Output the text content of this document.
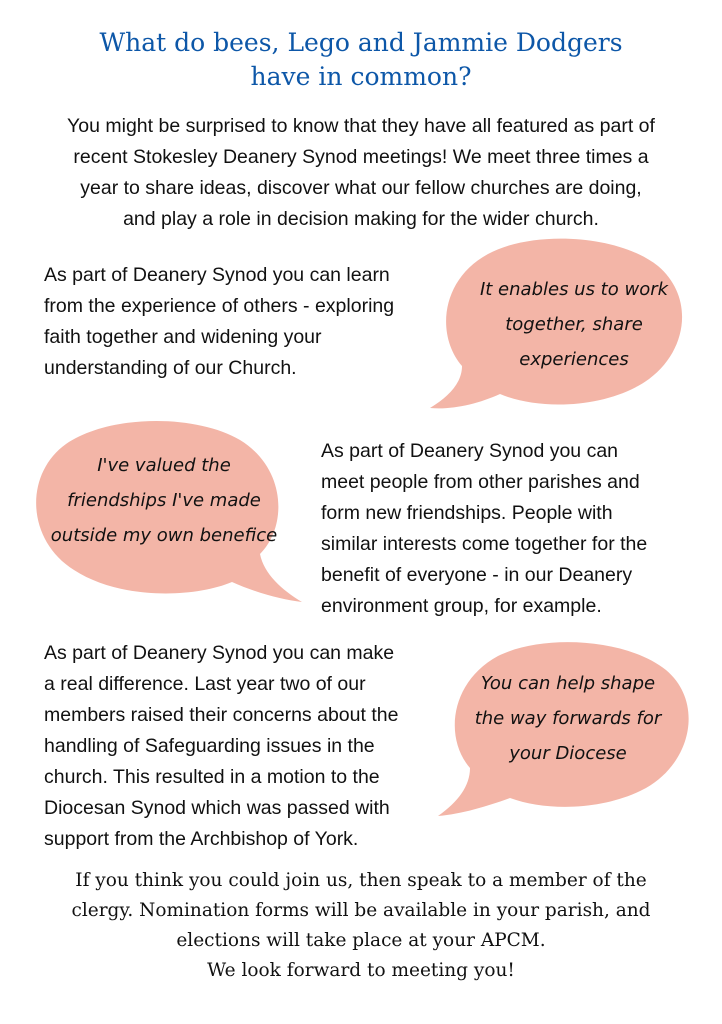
What do bees, Lego and Jammie Dodgers
have in common?
You might be surprised to know that they have all featured as part of
recent Stokesley Deanery Synod meetings! We meet three times a
year to share ideas, discover what our fellow churches are doing,
and play a role in decision making for the wider church.
As part of Deanery Synod you can learn
from the experience of others - exploring
faith together and widening your
understanding of our Church.
It enables us to work
together, share
experiences
I've valued the
friendships I've made
outside my own benefice
As part of Deanery Synod you can
meet people from other parishes and
form new friendships. People with
similar interests come together for the
benefit of everyone - in our Deanery
environment group, for example.
As part of Deanery Synod you can make
a real difference. Last year two of our
members raised their concerns about the
handling of Safeguarding issues in the
church. This resulted in a motion to the
Diocesan Synod which was passed with
support from the Archbishop of York.
You can help shape
the way forwards for
your Diocese
If you think you could join us, then speak to a member of the
clergy. Nomination forms will be available in your parish, and
elections will take place at your APCM.
We look forward to meeting you!
